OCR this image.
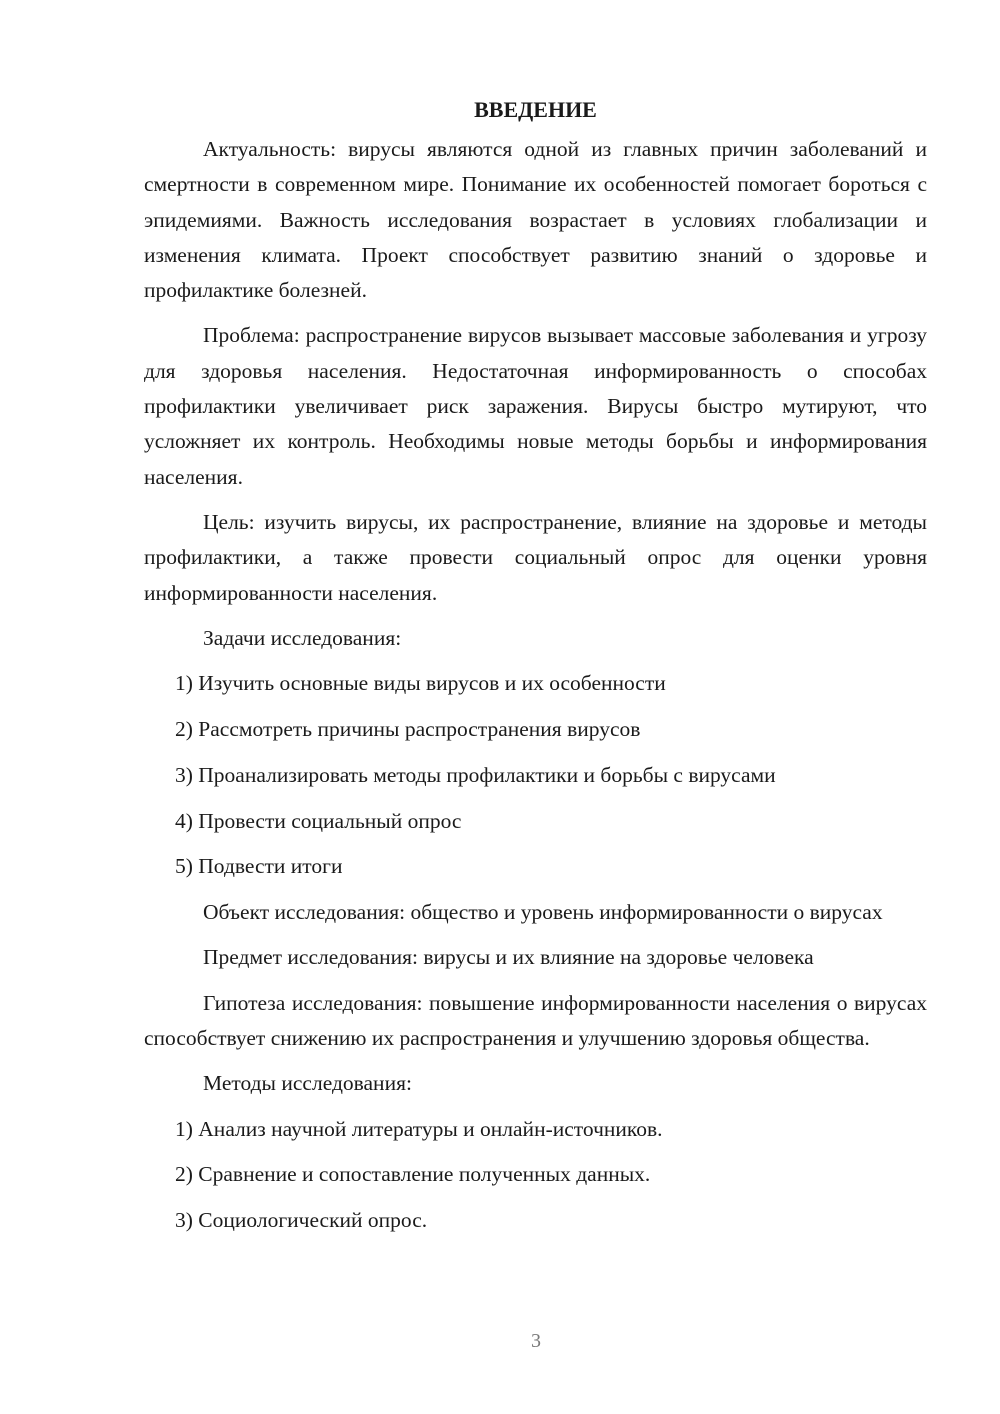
ВВЕДЕНИЕ

Актуальность: вирусы являются одной из главных причин заболеваний и смертности в современном мире. Понимание их особенностей помогает бороться с эпидемиями. Важность исследования возрастает в условиях глобализации и изменения климата. Проект способствует развитию знаний о здоровье и профилактике болезней.

Проблема: распространение вирусов вызывает массовые заболевания и угрозу для здоровья населения. Недостаточная информированность о способах профилактики увеличивает риск заражения. Вирусы быстро мутируют, что усложняет их контроль. Необходимы новые методы борьбы и информирования населения.

Цель: изучить вирусы, их распространение, влияние на здоровье и методы профилактики, а также провести социальный опрос для оценки уровня информированности населения.

Задачи исследования:

1) Изучить основные виды вирусов и их особенности
2) Рассмотреть причины распространения вирусов
3) Проанализировать методы профилактики и борьбы с вирусами
4) Провести социальный опрос
5) Подвести итоги

Объект исследования: общество и уровень информированности о вирусах

Предмет исследования: вирусы и их влияние на здоровье человека

Гипотеза исследования: повышение информированности населения о вирусах способствует снижению их распространения и улучшению здоровья общества.

Методы исследования:

1) Анализ научной литературы и онлайн-источников.
2) Сравнение и сопоставление полученных данных.
3) Социологический опрос.
3
